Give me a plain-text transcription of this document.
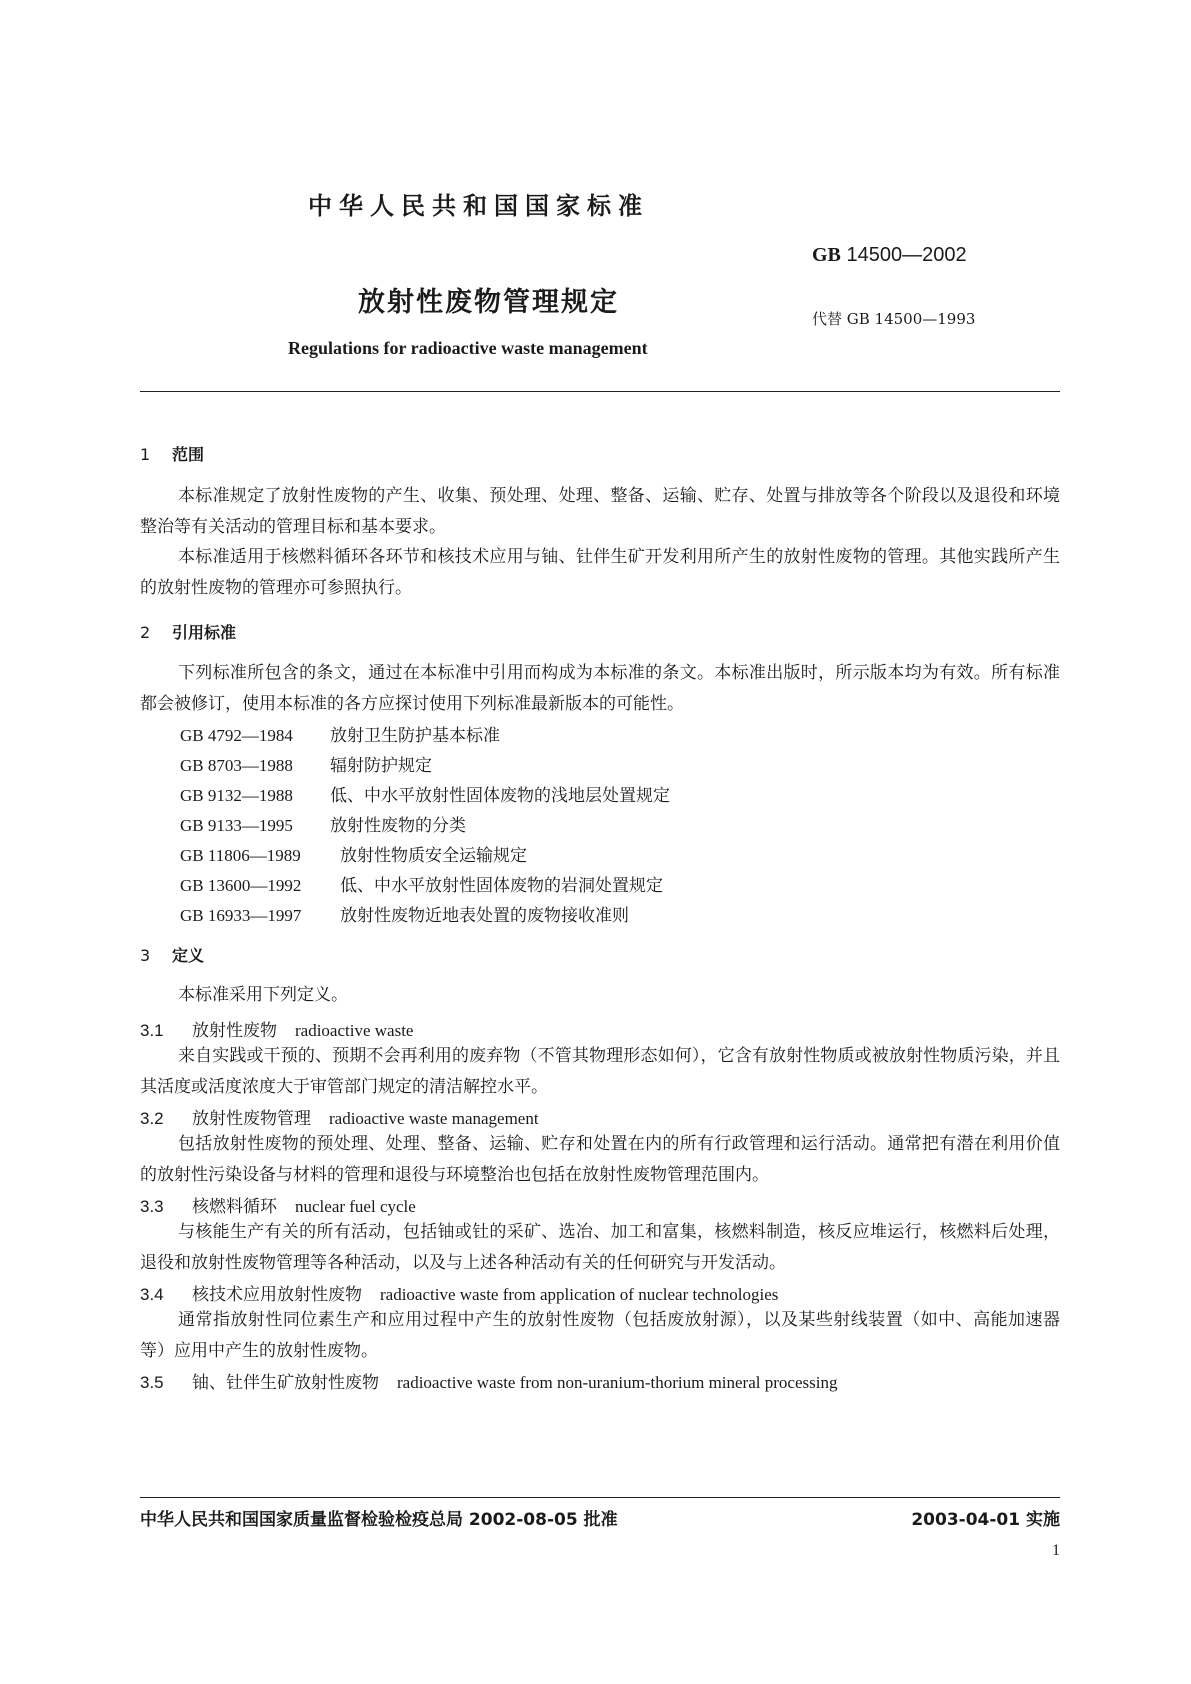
中华人民共和国国家标准
GB 14500—2002
放射性废物管理规定
代替 GB 14500—1993
Regulations for radioactive waste management
1 范围
本标准规定了放射性废物的产生、收集、预处理、处理、整备、运输、贮存、处置与排放等各个阶段以及退役和环境整治等有关活动的管理目标和基本要求。
本标准适用于核燃料循环各环节和核技术应用与铀、钍伴生矿开发利用所产生的放射性废物的管理。其他实践所产生的放射性废物的管理亦可参照执行。
2 引用标准
下列标准所包含的条文，通过在本标准中引用而构成为本标准的条文。本标准出版时，所示版本均为有效。所有标准都会被修订，使用本标准的各方应探讨使用下列标准最新版本的可能性。
GB 4792—1984 放射卫生防护基本标准
GB 8703—1988 辐射防护规定
GB 9132—1988 低、中水平放射性固体废物的浅地层处置规定
GB 9133—1995 放射性废物的分类
GB 11806—1989 放射性物质安全运输规定
GB 13600—1992 低、中水平放射性固体废物的岩洞处置规定
GB 16933—1997 放射性废物近地表处置的废物接收准则
3 定义
本标准采用下列定义。
3.1 放射性废物 radioactive waste
来自实践或干预的、预期不会再利用的废弃物（不管其物理形态如何），它含有放射性物质或被放射性物质污染，并且其活度或活度浓度大于审管部门规定的清洁解控水平。
3.2 放射性废物管理 radioactive waste management
包括放射性废物的预处理、处理、整备、运输、贮存和处置在内的所有行政管理和运行活动。通常把有潜在利用价值的放射性污染设备与材料的管理和退役与环境整治也包括在放射性废物管理范围内。
3.3 核燃料循环 nuclear fuel cycle
与核能生产有关的所有活动，包括铀或钍的采矿、选冶、加工和富集，核燃料制造，核反应堆运行，核燃料后处理，退役和放射性废物管理等各种活动，以及与上述各种活动有关的任何研究与开发活动。
3.4 核技术应用放射性废物 radioactive waste from application of nuclear technologies
通常指放射性同位素生产和应用过程中产生的放射性废物（包括废放射源），以及某些射线装置（如中、高能加速器等）应用中产生的放射性废物。
3.5 铀、钍伴生矿放射性废物 radioactive waste from non-uranium-thorium mineral processing
中华人民共和国国家质量监督检验检疫总局 2002-08-05 批准	2003-04-01 实施
1
